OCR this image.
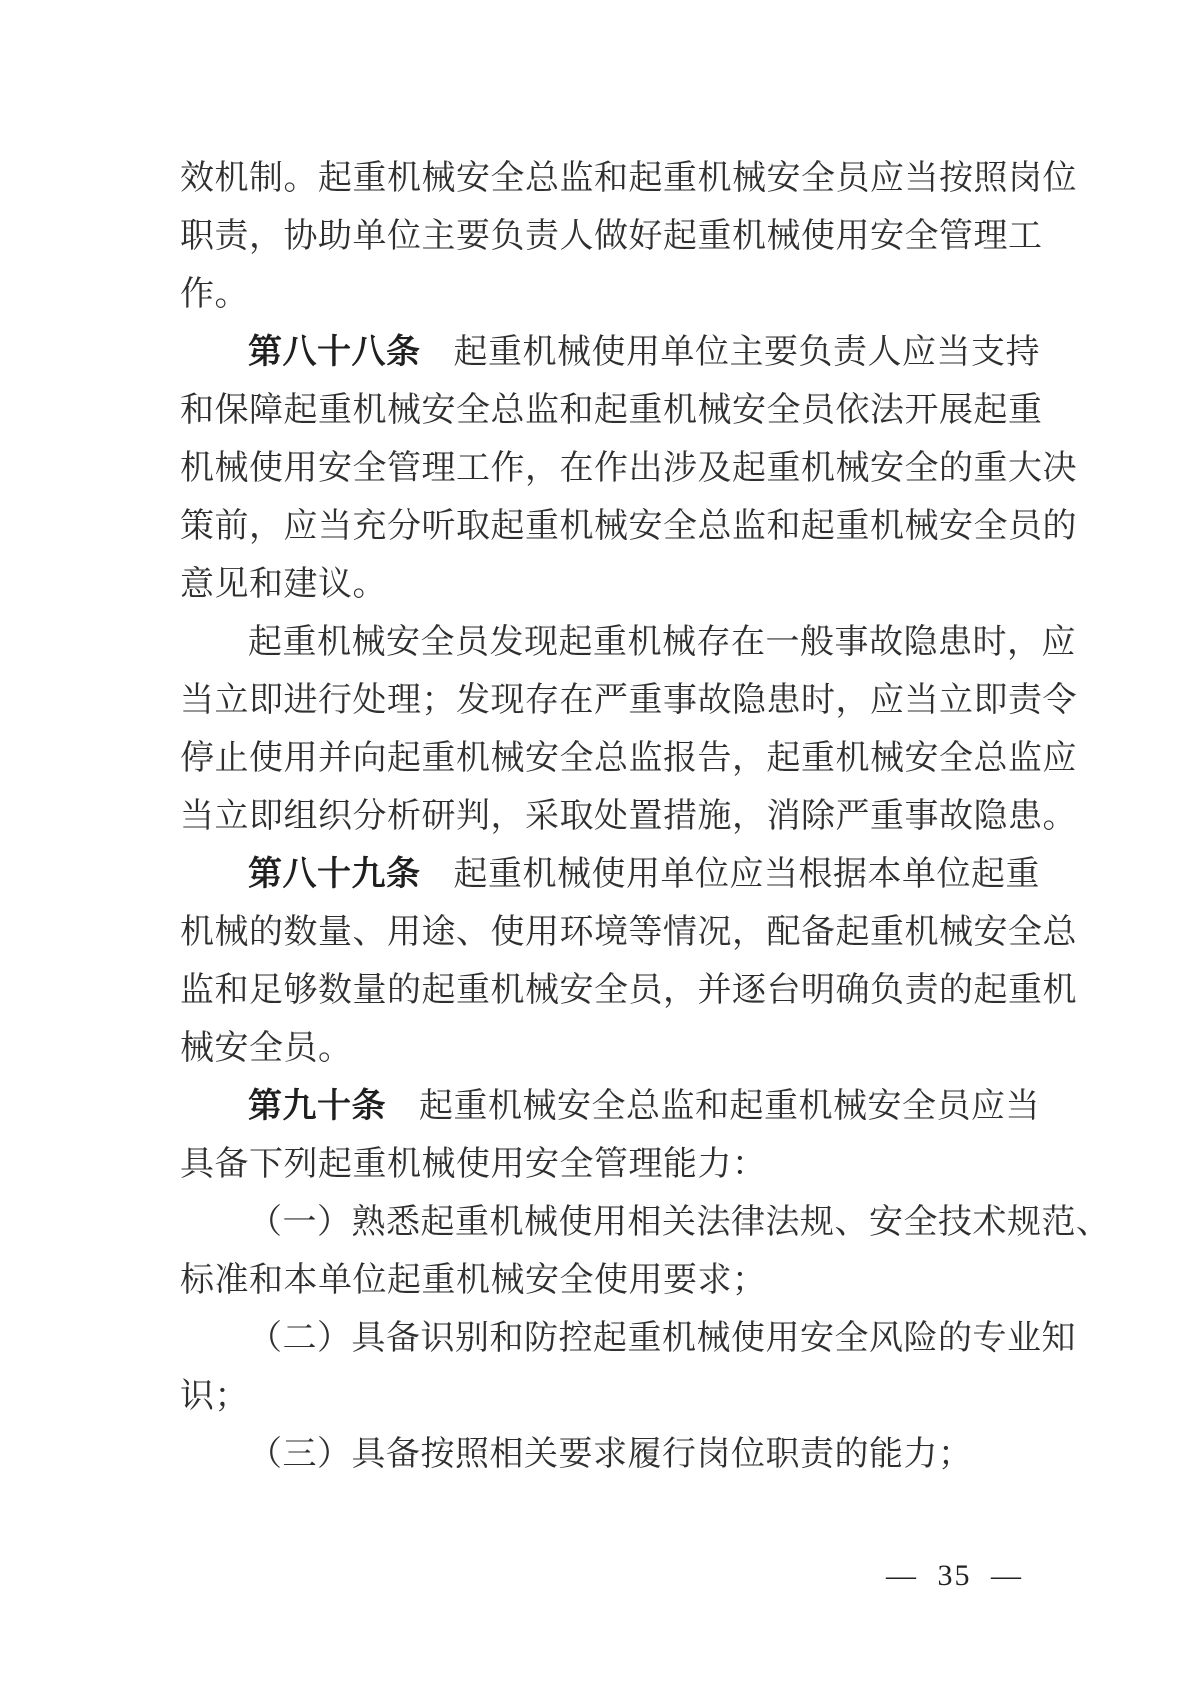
效机制。起重机械安全总监和起重机械安全员应当按照岗位
职责，协助单位主要负责人做好起重机械使用安全管理工
作。
第八十八条 起重机械使用单位主要负责人应当支持
和保障起重机械安全总监和起重机械安全员依法开展起重
机械使用安全管理工作，在作出涉及起重机械安全的重大决
策前，应当充分听取起重机械安全总监和起重机械安全员的
意见和建议。
起重机械安全员发现起重机械存在一般事故隐患时，应
当立即进行处理；发现存在严重事故隐患时，应当立即责令
停止使用并向起重机械安全总监报告，起重机械安全总监应
当立即组织分析研判，采取处置措施，消除严重事故隐患。
第八十九条 起重机械使用单位应当根据本单位起重
机械的数量、用途、使用环境等情况，配备起重机械安全总
监和足够数量的起重机械安全员，并逐台明确负责的起重机
械安全员。
第九十条 起重机械安全总监和起重机械安全员应当
具备下列起重机械使用安全管理能力：
（一）熟悉起重机械使用相关法律法规、安全技术规范、
标准和本单位起重机械安全使用要求；
（二）具备识别和防控起重机械使用安全风险的专业知
识；
（三）具备按照相关要求履行岗位职责的能力；
— 35 —
